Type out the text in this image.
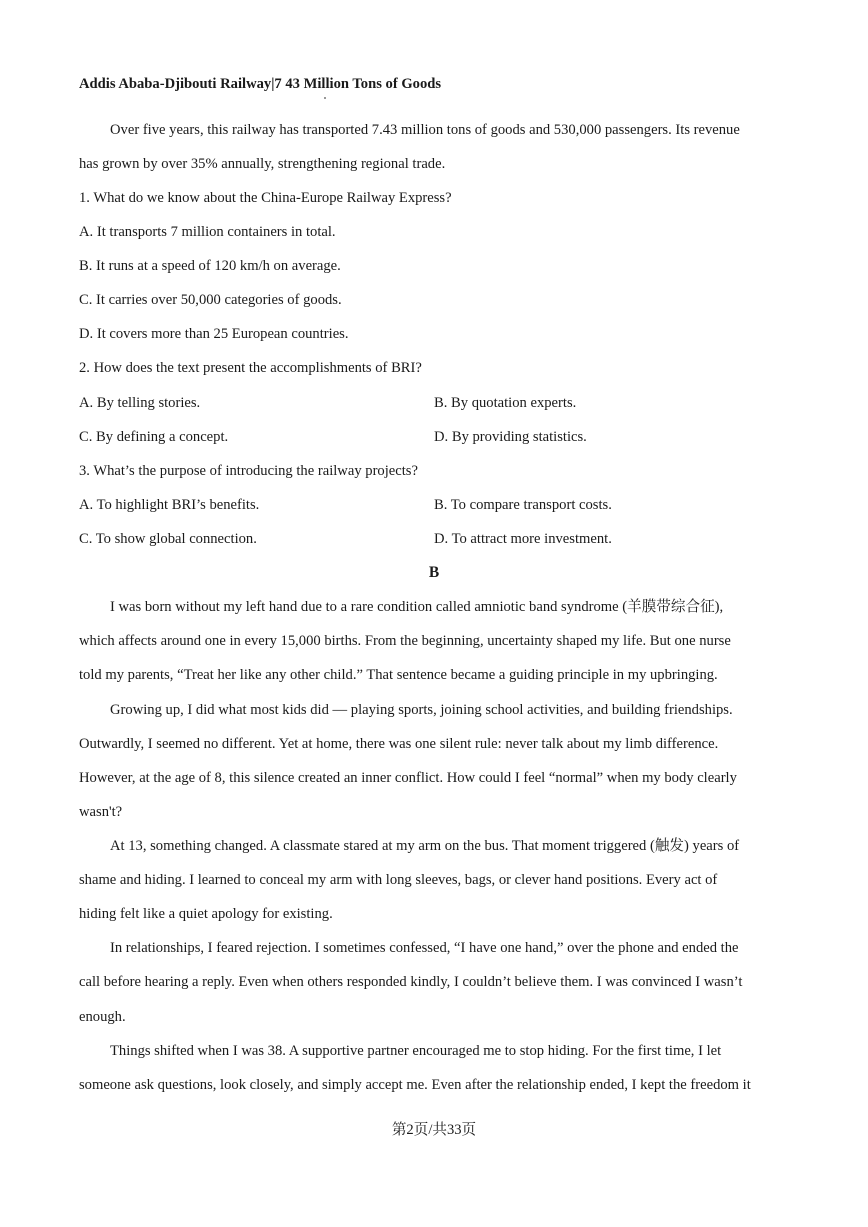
Addis Ababa-Djibouti Railway|7 43 Million Tons of Goods
Over five years, this railway has transported 7.43 million tons of goods and 530,000 passengers. Its revenue
has grown by over 35% annually, strengthening regional trade.
1. What do we know about the China-Europe Railway Express?
A. It transports 7 million containers in total.
B. It runs at a speed of 120 km/h on average.
C. It carries over 50,000 categories of goods.
D. It covers more than 25 European countries.
2. How does the text present the accomplishments of BRI?
A. By telling stories.	B. By quotation experts.
C. By defining a concept.	D. By providing statistics.
3. What’s the purpose of introducing the railway projects?
A. To highlight BRI’s benefits.	B. To compare transport costs.
C. To show global connection.	D. To attract more investment.
B
I was born without my left hand due to a rare condition called amniotic band syndrome (羊膜带综合征),
which affects around one in every 15,000 births. From the beginning, uncertainty shaped my life. But one nurse
told my parents, “Treat her like any other child.” That sentence became a guiding principle in my upbringing.
Growing up, I did what most kids did — playing sports, joining school activities, and building friendships.
Outwardly, I seemed no different. Yet at home, there was one silent rule: never talk about my limb difference.
However, at the age of 8, this silence created an inner conflict. How could I feel “normal” when my body clearly
wasn't?
At 13, something changed. A classmate stared at my arm on the bus. That moment triggered (触发) years of
shame and hiding. I learned to conceal my arm with long sleeves, bags, or clever hand positions. Every act of
hiding felt like a quiet apology for existing.
In relationships, I feared rejection. I sometimes confessed, “I have one hand,” over the phone and ended the
call before hearing a reply. Even when others responded kindly, I couldn’t believe them. I was convinced I wasn’t
enough.
Things shifted when I was 38. A supportive partner encouraged me to stop hiding. For the first time, I let
someone ask questions, look closely, and simply accept me. Even after the relationship ended, I kept the freedom it
第2页/共33页
